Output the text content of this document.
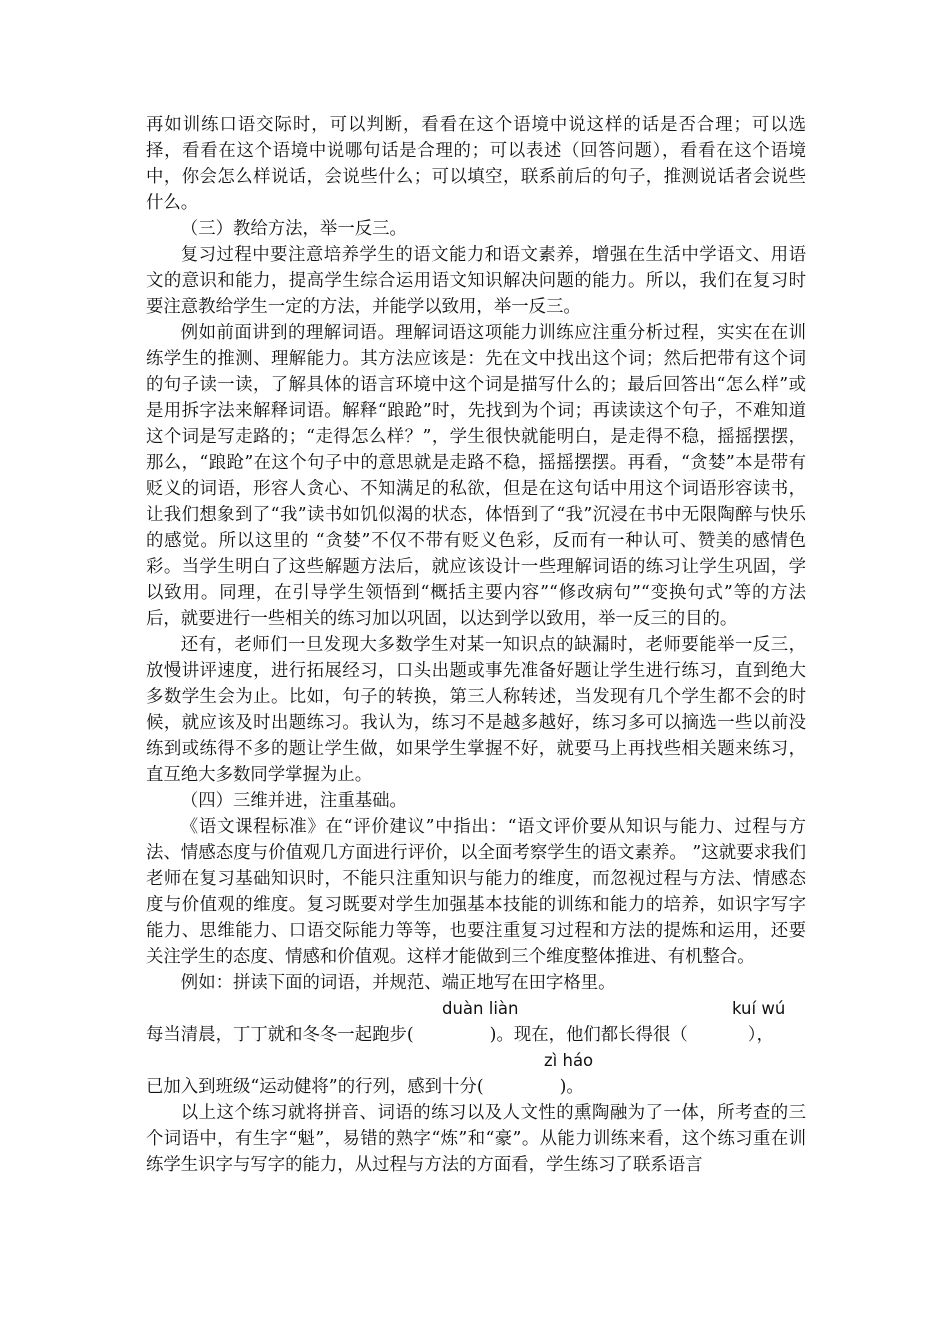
再如训练口语交际时，可以判断，看看在这个语境中说这样的话是否合理；可以选择，看看在这个语境中说哪句话是合理的；可以表述（回答问题），看看在这个语境中，你会怎么样说话，会说些什么；可以填空，联系前后的句子，推测说话者会说些什么。

（三）教给方法，举一反三。

复习过程中要注意培养学生的语文能力和语文素养，增强在生活中学语文、用语文的意识和能力，提高学生综合运用语文知识解决问题的能力。所以，我们在复习时要注意教给学生一定的方法，并能学以致用，举一反三。

例如前面讲到的理解词语。理解词语这项能力训练应注重分析过程，实实在在训练学生的推测、理解能力。其方法应该是：先在文中找出这个词；然后把带有这个词的句子读一读，了解具体的语言环境中这个词是描写什么的；最后回答出“怎么样”或是用拆字法来解释词语。解释“踉跄”时，先找到为个词；再读读这个句子，不难知道这个词是写走路的；“走得怎么样？”，学生很快就能明白，是走得不稳，摇摇摆摆，那么，“踉跄”在这个句子中的意思就是走路不稳，摇摇摆摆。再看，“贪婪”本是带有贬义的词语，形容人贪心、不知满足的私欲，但是在这句话中用这个词语形容读书，让我们想象到了“我”读书如饥似渴的状态，体悟到了“我”沉浸在书中无限陶醉与快乐的感觉。所以这里的 “贪婪”不仅不带有贬义色彩，反而有一种认可、赞美的感情色彩。当学生明白了这些解题方法后，就应该设计一些理解词语的练习让学生巩固，学以致用。同理，在引导学生领悟到“概括主要内容”“修改病句”“变换句式”等的方法后，就要进行一些相关的练习加以巩固，以达到学以致用，举一反三的目的。

还有，老师们一旦发现大多数学生对某一知识点的缺漏时，老师要能举一反三，放慢讲评速度，进行拓展经习，口头出题或事先准备好题让学生进行练习，直到绝大多数学生会为止。比如，句子的转换，第三人称转述，当发现有几个学生都不会的时候，就应该及时出题练习。我认为，练习不是越多越好，练习多可以摘选一些以前没练到或练得不多的题让学生做，如果学生掌握不好，就要马上再找些相关题来练习，直互绝大多数同学掌握为止。

（四）三维并进，注重基础。

《语文课程标准》在“评价建议”中指出：“语文评价要从知识与能力、过程与方法、情感态度与价值观几方面进行评价，以全面考察学生的语文素养。 ”这就要求我们老师在复习基础知识时，不能只注重知识与能力的维度，而忽视过程与方法、情感态度与价值观的维度。复习既要对学生加强基本技能的训练和能力的培养，如识字写字能力、思维能力、口语交际能力等等，也要注重复习过程和方法的提炼和运用，还要关注学生的态度、情感和价值观。这样才能做到三个维度整体推进、有机整合。

例如：拼读下面的词语，并规范、端正地写在田字格里。

duàn liàn	kuí wú
每当清晨，丁丁就和冬冬一起跑步(	)。现在，他们都长得很（	），
zì háo
已加入到班级“运动健将”的行列，感到十分(	)。

以上这个练习就将拼音、词语的练习以及人文性的熏陶融为了一体，所考查的三个词语中，有生字“魁”，易错的熟字“炼”和“豪”。从能力训练来看，这个练习重在训练学生识字与写字的能力，从过程与方法的方面看，学生练习了联系语言
